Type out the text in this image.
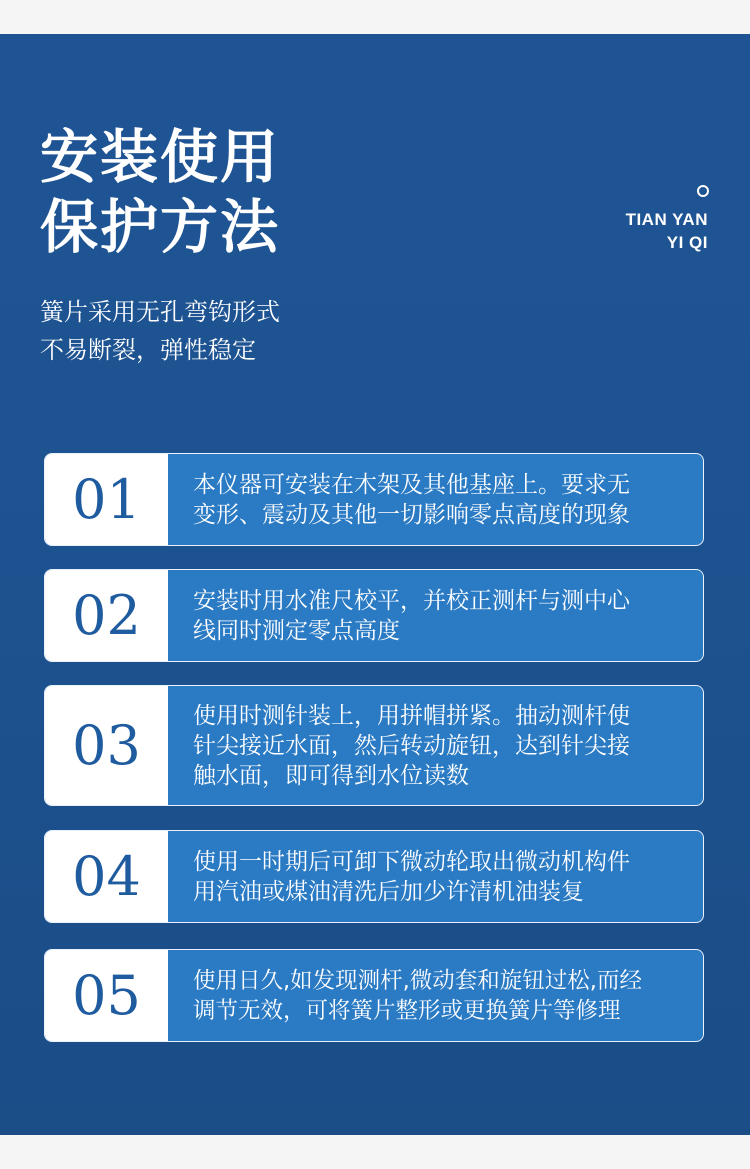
安装使用
保护方法	TIAN YAN
YI QI
簧片采用无孔弯钩形式
不易断裂，弹性稳定
01 本仪器可安装在木架及其他基座上。要求无
变形、震动及其他一切影响零点高度的现象
02 安装时用水准尺校平，并校正测杆与测中心
线同时测定零点高度
03 使用时测针装上，用拼帽拼紧。抽动测杆使
针尖接近水面，然后转动旋钮，达到针尖接
触水面，即可得到水位读数
04 使用一时期后可卸下微动轮取出微动机构件
用汽油或煤油清洗后加少许清机油装复
05 使用日久,如发现测杆,微动套和旋钮过松,而经
调节无效，可将簧片整形或更换簧片等修理
